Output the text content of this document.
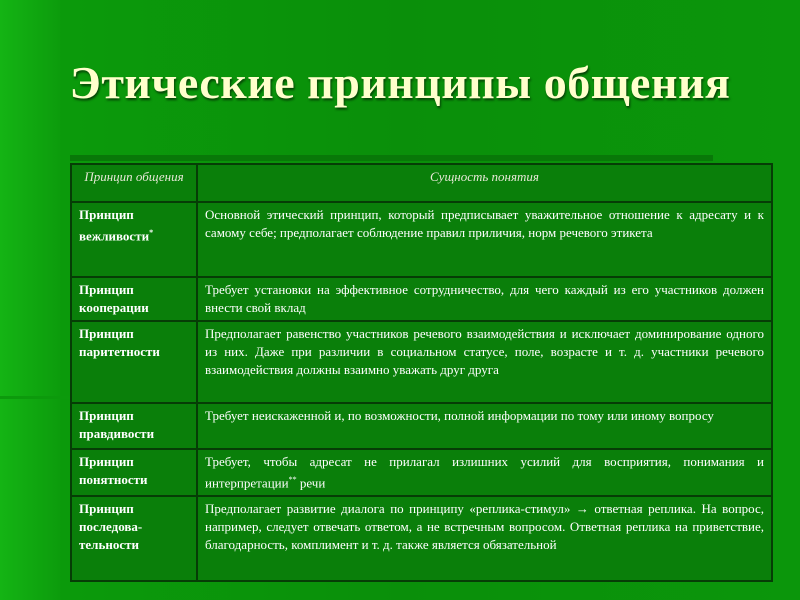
Этические принципы общения
Принцип общения	Сущность понятия
Принцип вежливости*	Основной этический принцип, который предписывает уважительное отношение к адресату и к самому себе; предполагает соблюдение правил приличия, норм речевого этикета
Принцип кооперации	Требует установки на эффективное сотрудничество, для чего каждый из его участников должен внести свой вклад
Принцип паритетности	Предполагает равенство участников речевого взаимодействия и исключает доминирование одного из них. Даже при различии в социальном статусе, поле, возрасте и т. д. участники речевого взаимодействия должны взаимно уважать друг друга
Принцип правдивости	Требует неискаженной и, по возможности, полной информации по тому или иному вопросу
Принцип понятности	Требует, чтобы адресат не прилагал излишних усилий для восприятия, понимания и интерпретации** речи
Принцип последова-тельности	Предполагает развитие диалога по принципу «реплика-стимул» → ответная реплика. На вопрос, например, следует отвечать ответом, а не встречным вопросом. Ответная реплика на приветствие, благодарность, комплимент и т. д. также является обязательной
